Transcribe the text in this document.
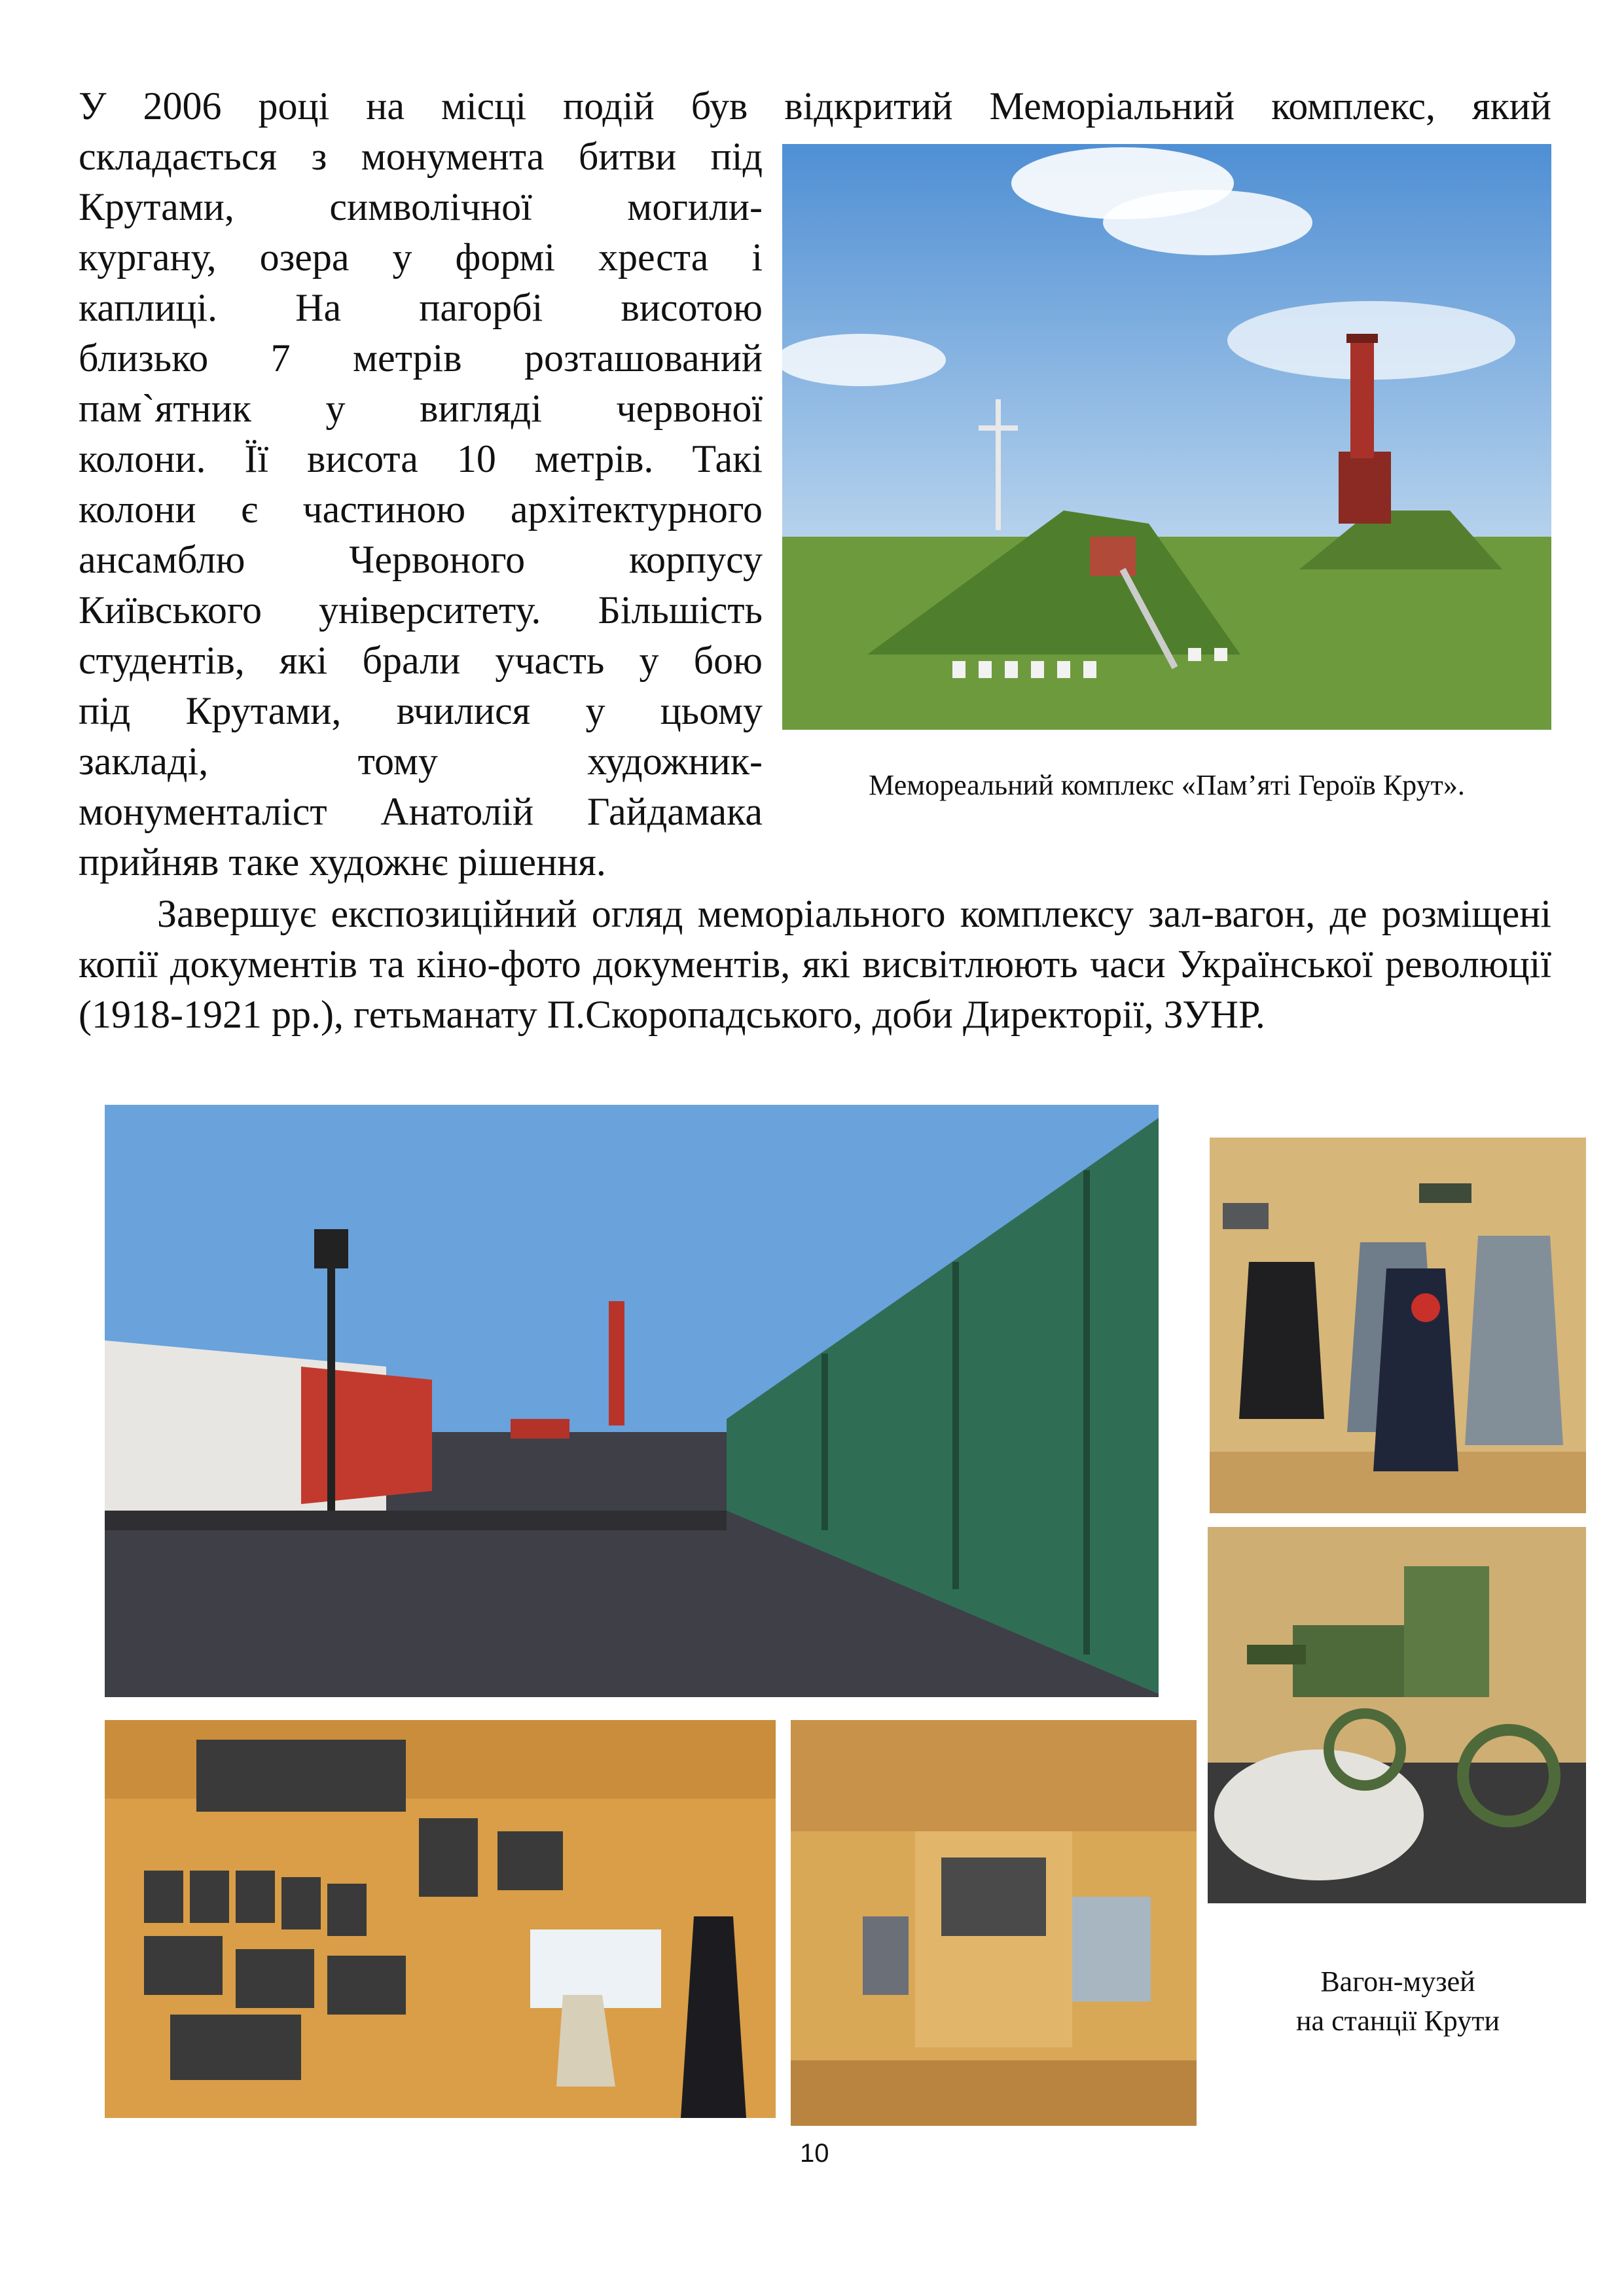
У 2006 році на місці подій був відкритий Меморіальний комплекс, який
складається з монумента битви під
Крутами, символічної могили-
кургану, озера у формі хреста і
каплиці. На пагорбі висотою
близько 7 метрів розташований
пам`ятник у вигляді червоної
колони. Її висота 10 метрів. Такі
колони є частиною архітектурного
ансамблю Червоного корпусу
Київського університету. Більшість
студентів, які брали участь у бою
під Крутами, вчилися у цьому
закладі, тому художник-
монументаліст Анатолій Гайдамака
прийняв таке художнє рішення.
Мемореальний комплекс «Пам’яті Героїв Крут».
Завершує експозиційний огляд меморіального комплексу зал-вагон, де розміщені копії документів та кіно-фото документів, які висвітлюють часи Української революції (1918-1921 рр.), гетьманату П.Скоропадського, доби Директорії, ЗУНР.
Вагон-музей
на станції Крути
10
